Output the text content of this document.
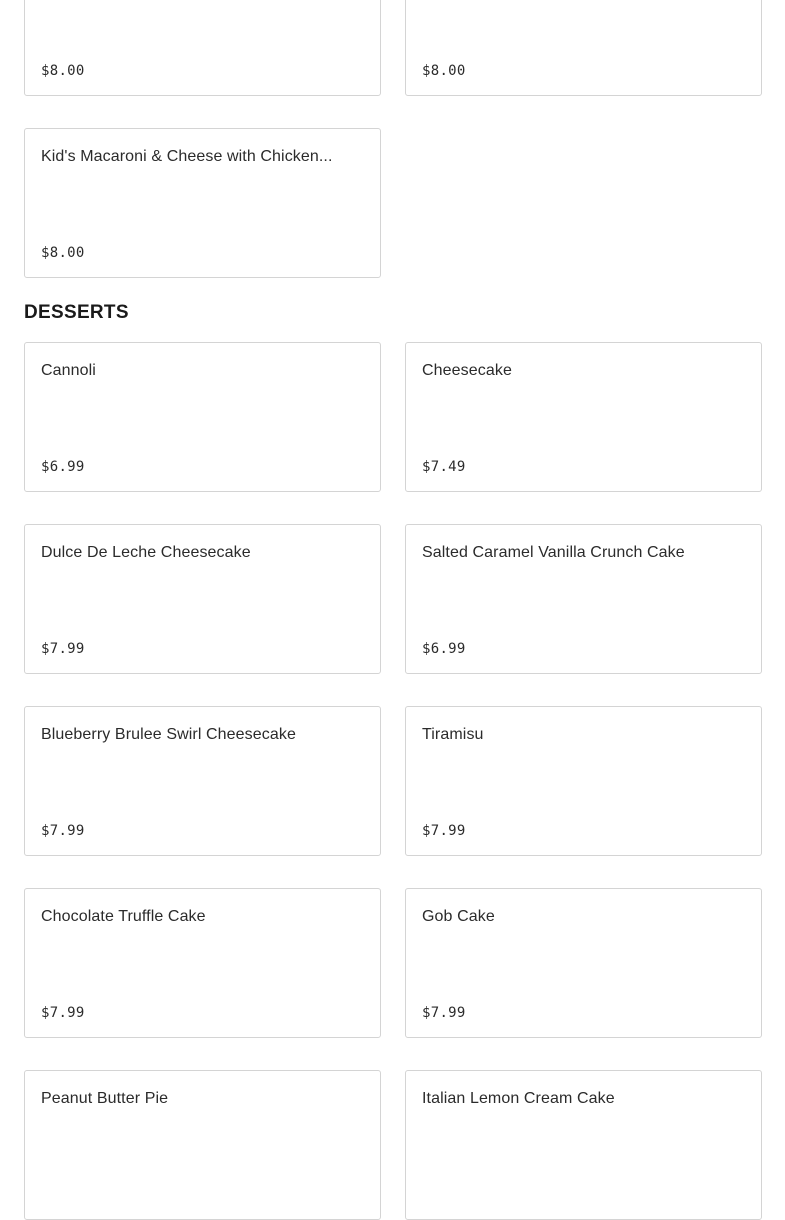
$8.00	$8.00
Kid's Macaroni & Cheese with Chicken...
$8.00
DESSERTS
Cannoli
$6.99
Cheesecake
$7.49
Dulce De Leche Cheesecake
$7.99
Salted Caramel Vanilla Crunch Cake
$6.99
Blueberry Brulee Swirl Cheesecake
$7.99
Tiramisu
$7.99
Chocolate Truffle Cake
$7.99
Gob Cake
$7.99
Peanut Butter Pie	Italian Lemon Cream Cake
